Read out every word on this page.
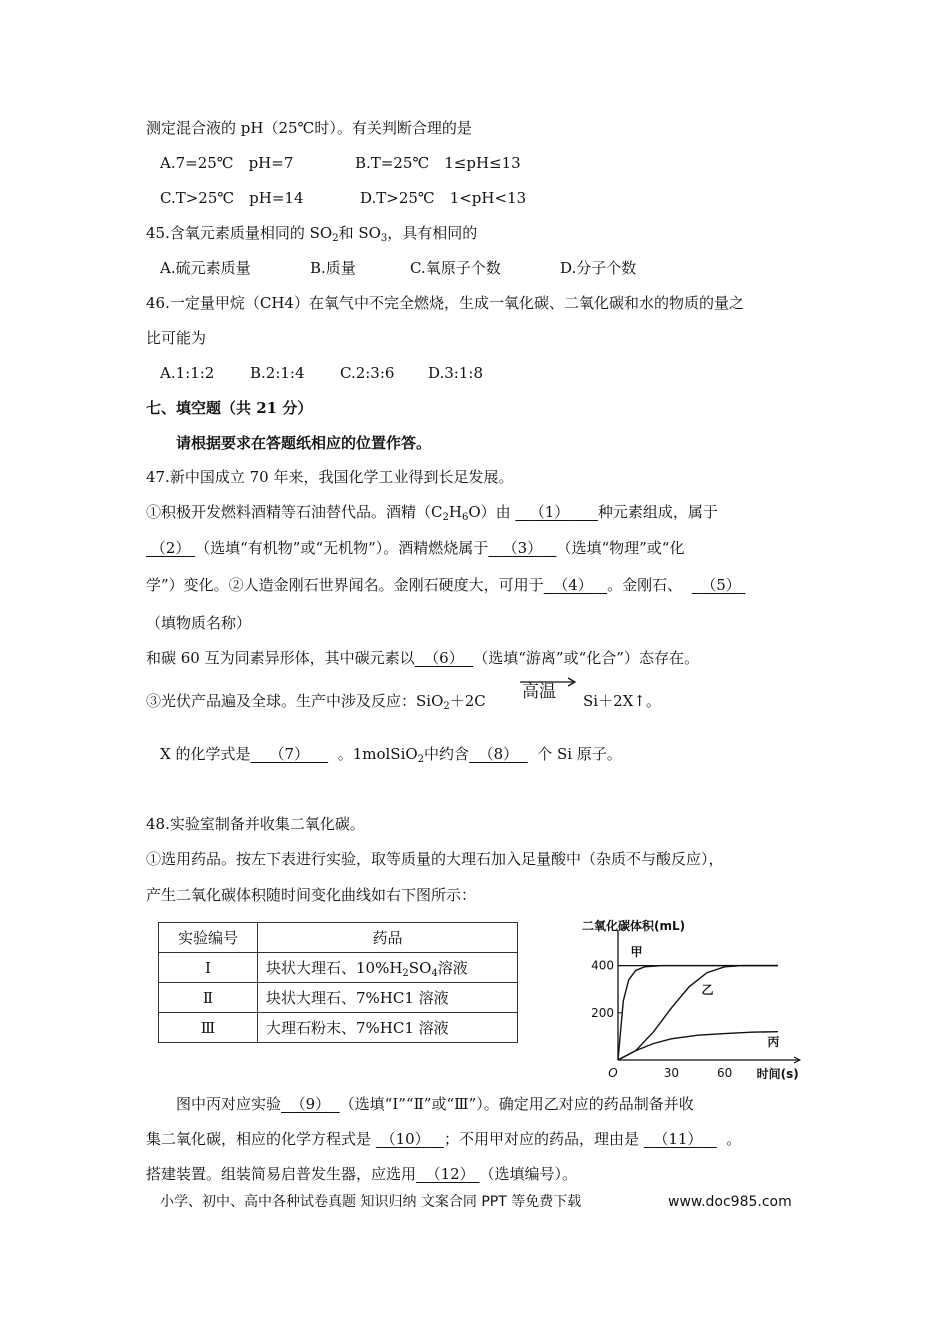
测定混合液的 pH（25℃时）。有关判断合理的是
A.7=25℃　pH=7	B.T=25℃　1≤pH≤13
C.T>25℃　pH=14	D.T>25℃　1<pH<13
45.含氧元素质量相同的 $SO_2$和 $SO_3$，具有相同的
A.硫元素质量	B.质量	C.氧原子个数	D.分子个数
46.一定量甲烷（CH4）在氧气中不完全燃烧，生成一氧化碳、二氧化碳和水的物质的量之
比可能为
A.1:1:2 B.2:1:4 C.2:3:6 D.3:1:8
七、填空题（共 21 分）
请根据要求在答题纸相应的位置作答。
47.新中国成立 70 年来，我国化学工业得到长足发展。
①积极开发燃料酒精等石油替代品。酒精$(C_2H_6O)$由 （1） 种元素组成，属于
（2） （选填“有机物”或“无机物”）。酒精燃烧属于 （3） （选填“物理”或“化
学”）变化。②人造金刚石世界闻名。金刚石硬度大，可用于 （4） 。金刚石、 （5）
（填物质名称）
和碳 60 互为同素异形体，其中碳元素以 （6） （选填“游离”或“化合”）态存在。
③光伏产品遍及全球。生产中涉及反应：SiO$_2$＋2C 高温 Si＋2X↑。
X 的化学式是 （7） 。1molSiO$_2$中约含 （8） 个 Si 原子。
48.实验室制备并收集二氧化碳。
①选用药品。按左下表进行实验，取等质量的大理石加入足量酸中（杂质不与酸反应），
产生二氧化碳体积随时间变化曲线如右下图所示：
实验编号	药品
Ⅰ	块状大理石、$10\%H_2SO_4$溶液
Ⅱ	块状大理石、7%HC1 溶液
Ⅲ	大理石粉末、7%HC1 溶液
二氧化碳体积(mL)
200
400
30	60
O	时间(s)
甲
乙
丙
图中丙对应实验 （9） （选填“Ⅰ”“Ⅱ”或“Ⅲ”）。确定用乙对应的药品制备并收
集二氧化碳，相应的化学方程式是 （10） ；不用甲对应的药品，理由是 （11） 。
搭建装置。组装简易启普发生器，应选用 （12） （选填编号）。
小学、初中、高中各种试卷真题 知识归纳 文案合同 PPT 等免费下载	www.doc985.com
